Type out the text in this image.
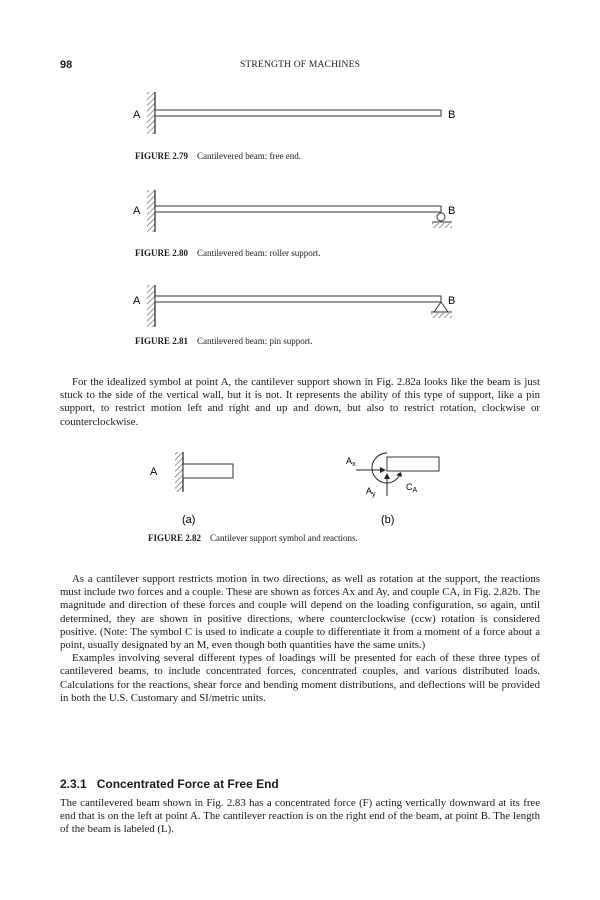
98	STRENGTH OF MACHINES
A	B
FIGURE 2.79 Cantilevered beam: free end.
A	B
FIGURE 2.80 Cantilevered beam: roller support.
A	B
FIGURE 2.81 Cantilevered beam: pin support.

For the idealized symbol at point A, the cantilever support shown in Fig. 2.82a looks like the beam is just stuck to the side of the vertical wall, but it is not. It represents the ability of this type of support, like a pin support, to restrict motion left and right and up and down, but also to restrict rotation, clockwise or counterclockwise.

A
(a)
$A_x$
$A_y$
$C_A$
(b)
FIGURE 2.82 Cantilever support symbol and reactions.

As a cantilever support restricts motion in two directions, as well as rotation at the support, the reactions must include two forces and a couple. These are shown as forces Ax and Ay, and couple CA, in Fig. 2.82b. The magnitude and direction of these forces and couple will depend on the loading configuration, so again, until determined, they are shown in positive directions, where counterclockwise (ccw) rotation is considered positive. (Note: The symbol C is used to indicate a couple to differentiate it from a moment of a force about a point, usually designated by an M, even though both quantities have the same units.)

Examples involving several different types of loadings will be presented for each of these three types of cantilevered beams, to include concentrated forces, concentrated couples, and various distributed loads. Calculations for the reactions, shear force and bending moment distributions, and deflections will be provided in both the U.S. Customary and SI/metric units.

2.3.1 Concentrated Force at Free End

The cantilevered beam shown in Fig. 2.83 has a concentrated force (F) acting vertically downward at its free end that is on the left at point A. The cantilever reaction is on the right end of the beam, at point B. The length of the beam is labeled (L).
